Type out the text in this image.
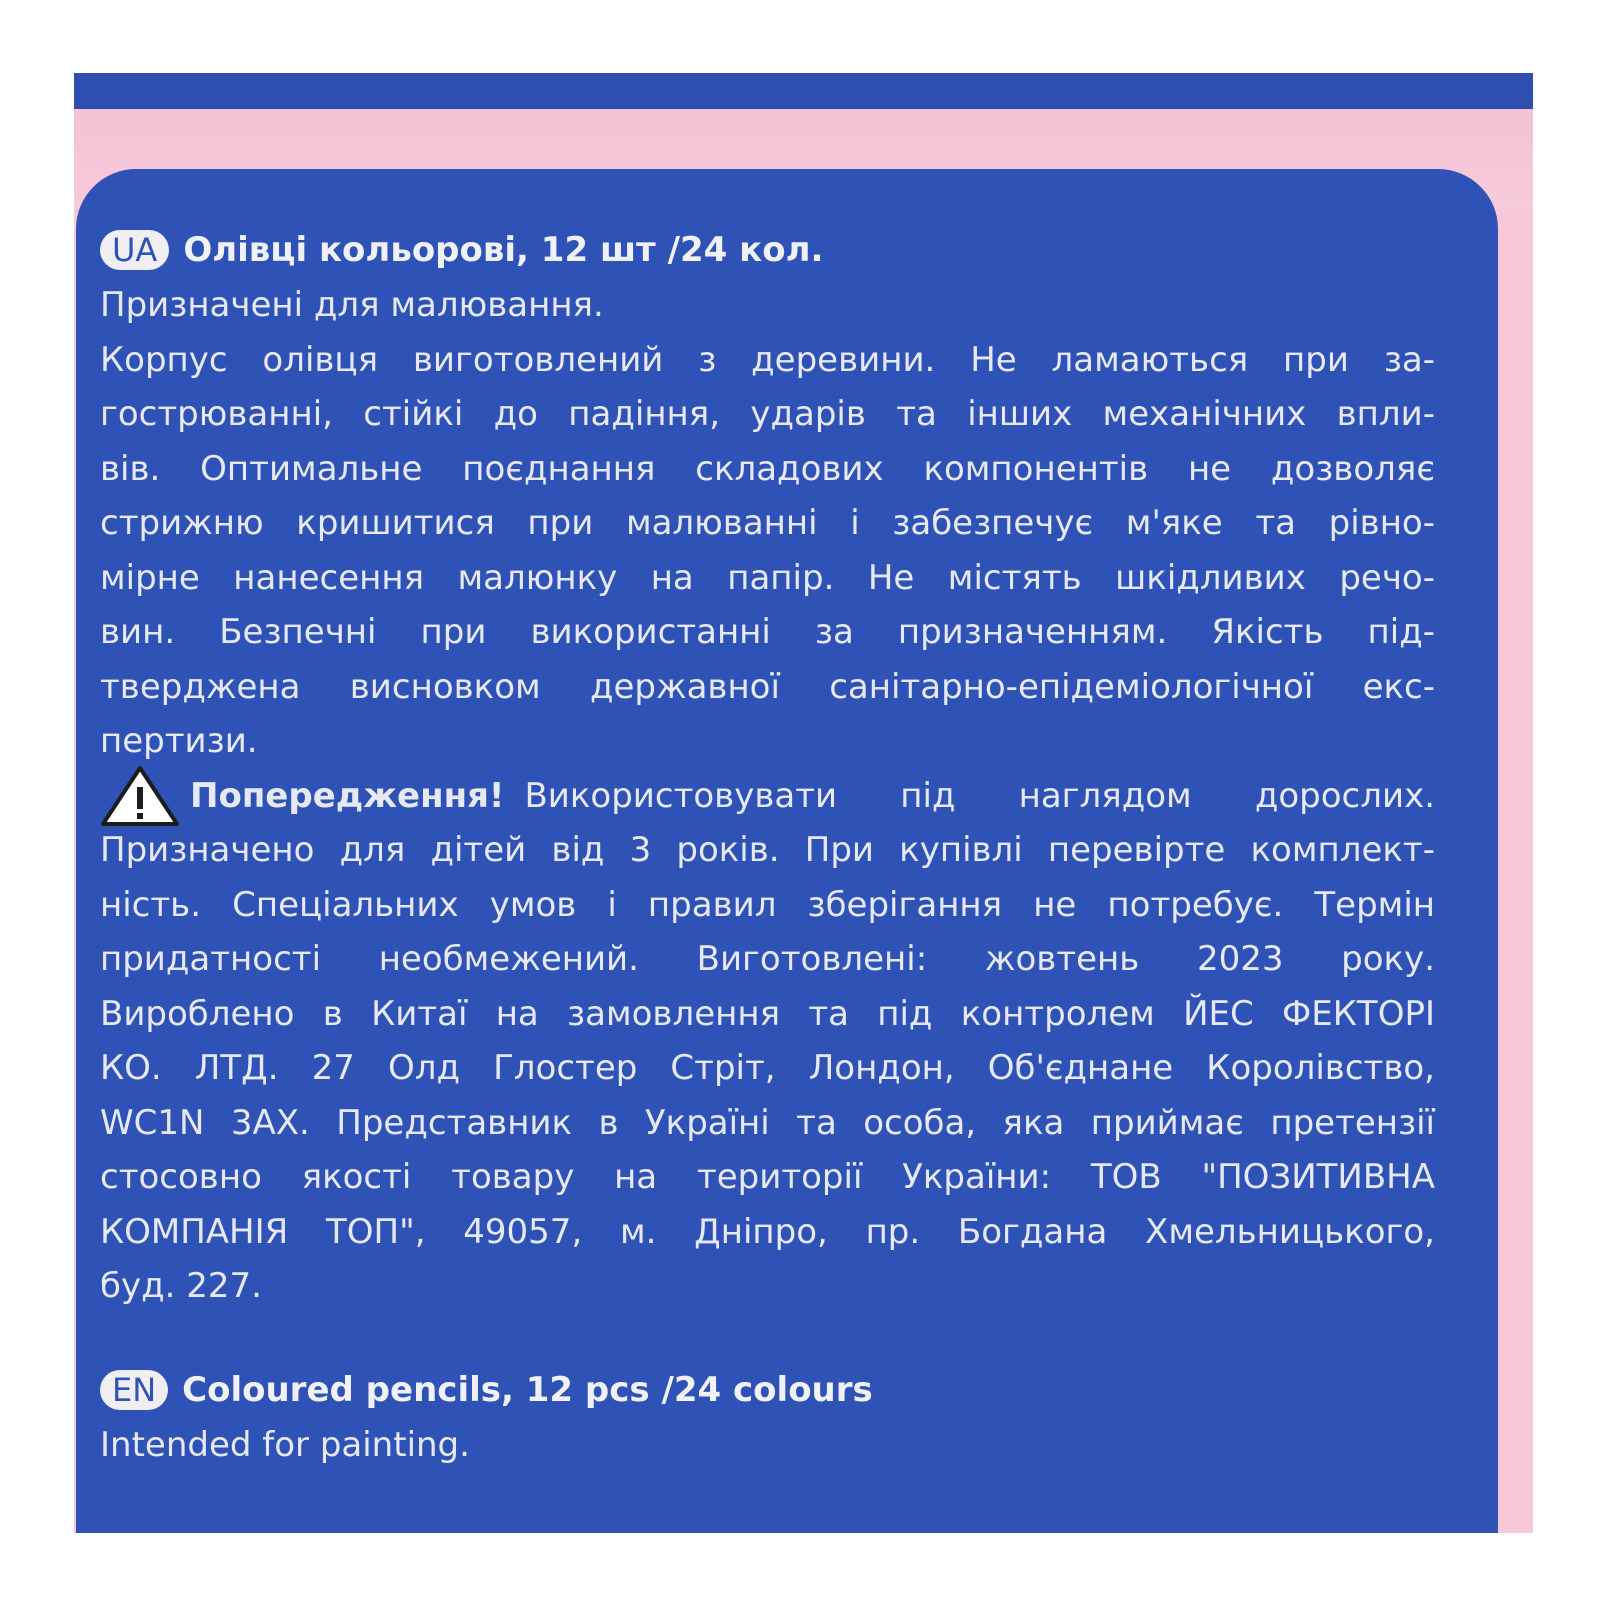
UA Олівці кольорові, 12 шт /24 кол.
Призначені для малювання.
Корпус олівця виготовлений з деревини. Не ламаються при за-
гострюванні, стійкі до падіння, ударів та інших механічних впли-
вів. Оптимальне поєднання складових компонентів не дозволяє
стрижню кришитися при малюванні і забезпечує м'яке та рівно-
мірне нанесення малюнку на папір. Не містять шкідливих речо-
вин. Безпечні при використанні за призначенням. Якість під-
тверджена висновком державної санітарно-епідеміологічної екс-
пертизи.
Попередження! Використовувати під наглядом дорослих.
Призначено для дітей від 3 років. При купівлі перевірте комплект-
ність. Спеціальних умов і правил зберігання не потребує. Термін
придатності необмежений. Виготовлені: жовтень 2023 року.
Вироблено в Китаї на замовлення та під контролем ЙЕС ФЕКТОРІ
КО. ЛТД. 27 Олд Глостер Стріт, Лондон, Об'єднане Королівство,
WC1N 3AX. Представник в Україні та особа, яка приймає претензії
стосовно якості товару на території України: ТОВ "ПОЗИТИВНА
КОМПАНІЯ ТОП", 49057, м. Дніпро, пр. Богдана Хмельницького,
буд. 227.
EN Coloured pencils, 12 pcs /24 colours
Intended for painting.
